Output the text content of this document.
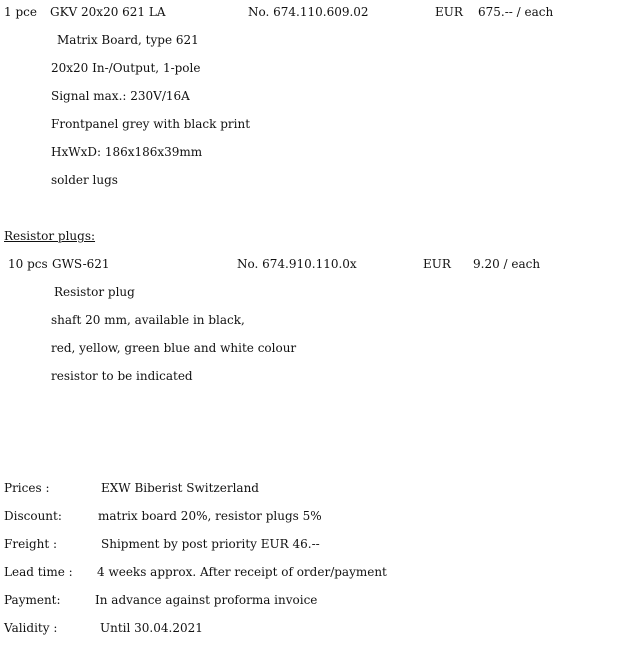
1 pce GKV 20x20 621 LA	No. 674.110.609.02	EUR 675.-- / each
Matrix Board, type 621
20x20 In-/Output, 1-pole
Signal max.: 230V/16A
Frontpanel grey with black print
HxWxD: 186x186x39mm
solder lugs
Resistor plugs:
10 pcs GWS-621	No. 674.910.110.0x	EUR 9.20 / each
Resistor plug
shaft 20 mm, available in black,
red, yellow, green blue and white colour
resistor to be indicated
Prices :	EXW Biberist Switzerland
Discount:	matrix board 20%, resistor plugs 5%
Freight :	Shipment by post priority EUR 46.--
Lead time : 4 weeks approx. After receipt of order/payment
Payment:	In advance against proforma invoice
Validity :	Until 30.04.2021
